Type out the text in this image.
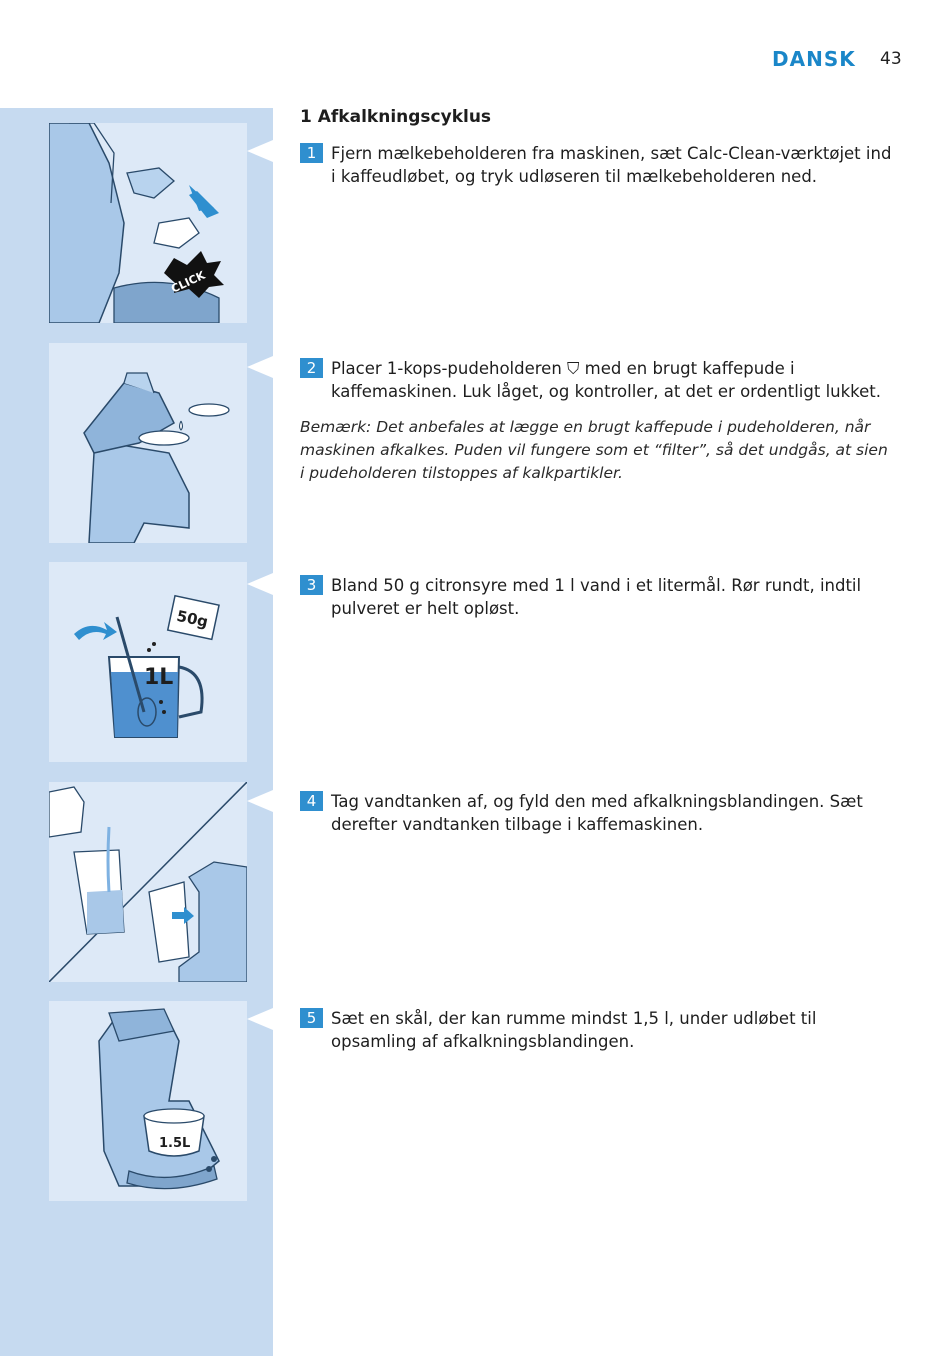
DANSK 43
CLICK
1L
50g
1.5L
1 Afkalkningscyklus
1 Fjern mælkebeholderen fra maskinen, sæt Calc-Clean-værktøjet ind i kaffeudløbet, og tryk udløseren til mælkebeholderen ned.
2 Placer 1-kops-pudeholderen ⛉ med en brugt kaffepude i kaffemaskinen. Luk låget, og kontroller, at det er ordentligt lukket.
Bemærk: Det anbefales at lægge en brugt kaffepude i pudeholderen, når maskinen afkalkes. Puden vil fungere som et “filter”, så det undgås, at sien i pudeholderen tilstoppes af kalkpartikler.
3 Bland 50 g citronsyre med 1 l vand i et litermål. Rør rundt, indtil pulveret er helt opløst.
4 Tag vandtanken af, og fyld den med afkalkningsblandingen. Sæt derefter vandtanken tilbage i kaffemaskinen.
5 Sæt en skål, der kan rumme mindst 1,5 l, under udløbet til opsamling af afkalkningsblandingen.
